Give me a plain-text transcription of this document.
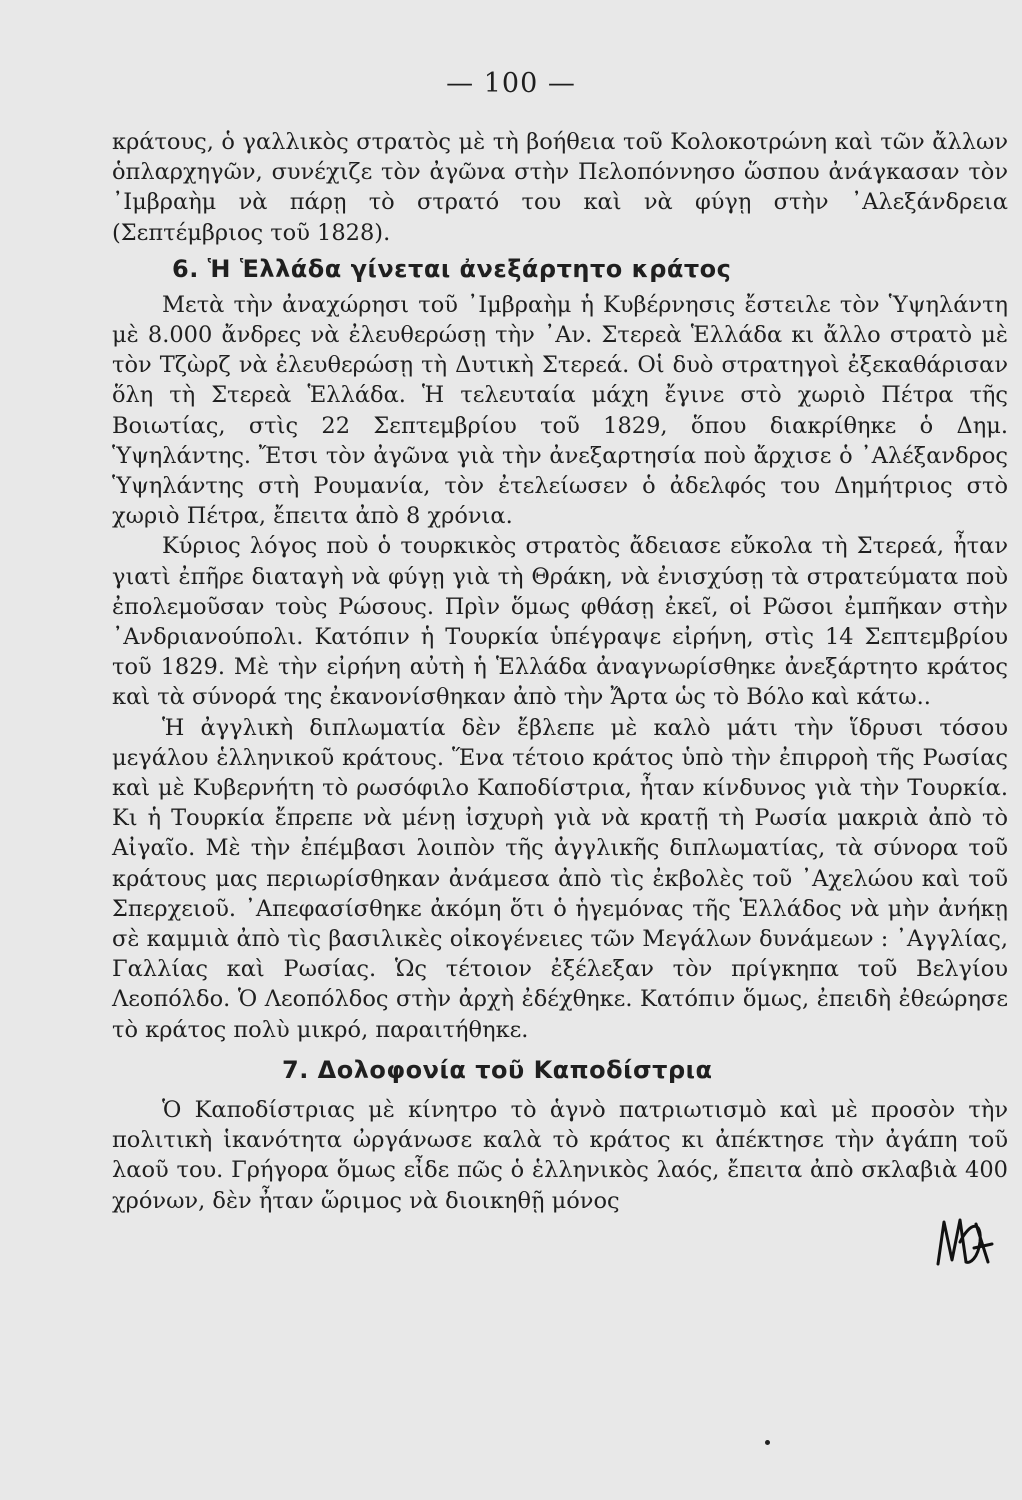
— 100 —

κράτους, ὁ γαλλικὸς στρατὸς μὲ τὴ βοήθεια τοῦ Κολοκοτρώνη καὶ τῶν ἄλλων ὁπλαρχηγῶν, συνέχιζε τὸν ἀγῶνα στὴν Πελοπόννησο ὥσπου ἀνάγκασαν τὸν ᾿Ιμβραὴμ νὰ πάρῃ τὸ στρατό του καὶ νὰ φύγῃ στὴν ᾿Αλεξάνδρεια (Σεπτέμβριος τοῦ 1828).

6. Ἡ Ἑλλάδα γίνεται ἀνεξάρτητο κράτος

Μετὰ τὴν ἀναχώρησι τοῦ ᾿Ιμβραὴμ ἡ Κυβέρνησις ἔστειλε τὸν Ὑψηλάντη μὲ 8.000 ἄνδρες νὰ ἐλευθερώσῃ τὴν ᾿Αν. Στερεὰ Ἑλλάδα κι ἄλλο στρατὸ μὲ τὸν Τζὼρζ νὰ ἐλευθερώσῃ τὴ Δυτικὴ Στερεά. Οἱ δυὸ στρατηγοὶ ἐξεκαθάρισαν ὅλη τὴ Στερεὰ Ἑλλάδα. Ἡ τελευταία μάχη ἔγινε στὸ χωριὸ Πέτρα τῆς Βοιωτίας, στὶς 22 Σεπτεμβρίου τοῦ 1829, ὅπου διακρίθηκε ὁ Δημ. Ὑψηλάντης. Ἔτσι τὸν ἀγῶνα γιὰ τὴν ἀνεξαρτησία ποὺ ἄρχισε ὁ ᾿Αλέξανδρος Ὑψηλάντης στὴ Ρουμανία, τὸν ἐτελείωσεν ὁ ἀδελφός του Δημήτριος στὸ χωριὸ Πέτρα, ἔπειτα ἀπὸ 8 χρόνια.

Κύριος λόγος ποὺ ὁ τουρκικὸς στρατὸς ἄδειασε εὔκολα τὴ Στερεά, ἦταν γιατὶ ἐπῆρε διαταγὴ νὰ φύγῃ γιὰ τὴ Θράκη, νὰ ἐνισχύσῃ τὰ στρατεύματα ποὺ ἐπολεμοῦσαν τοὺς Ρώσους. Πρὶν ὅμως φθάσῃ ἐκεῖ, οἱ Ρῶσοι ἐμπῆκαν στὴν ᾿Ανδριανούπολι. Κατόπιν ἡ Τουρκία ὑπέγραψε εἰρήνη, στὶς 14 Σεπτεμβρίου τοῦ 1829. Μὲ τὴν εἰρήνη αὐτὴ ἡ Ἑλλάδα ἀναγνωρίσθηκε ἀνεξάρτητο κράτος καὶ τὰ σύνορά της ἐκανονίσθηκαν ἀπὸ τὴν Ἄρτα ὡς τὸ Βόλο καὶ κάτω..

Ἡ ἀγγλικὴ διπλωματία δὲν ἔβλεπε μὲ καλὸ μάτι τὴν ἵδρυσι τόσου μεγάλου ἑλληνικοῦ κράτους. Ἕνα τέτοιο κράτος ὑπὸ τὴν ἐπιρροὴ τῆς Ρωσίας καὶ μὲ Κυβερνήτη τὸ ρωσόφιλο Καποδίστρια, ἦταν κίνδυνος γιὰ τὴν Τουρκία. Κι ἡ Τουρκία ἔπρεπε νὰ μένῃ ἰσχυρὴ γιὰ νὰ κρατῇ τὴ Ρωσία μακριὰ ἀπὸ τὸ Αἰγαῖο. Μὲ τὴν ἐπέμβασι λοιπὸν τῆς ἀγγλικῆς διπλωματίας, τὰ σύνορα τοῦ κράτους μας περιωρίσθηκαν ἀνάμεσα ἀπὸ τὶς ἐκβολὲς τοῦ ᾿Αχελώου καὶ τοῦ Σπερχειοῦ. ᾿Απεφασίσθηκε ἀκόμη ὅτι ὁ ἡγεμόνας τῆς Ἑλλάδος νὰ μὴν ἀνήκῃ σὲ καμμιὰ ἀπὸ τὶς βασιλικὲς οἰκογένειες τῶν Μεγάλων δυνάμεων : ᾿Αγγλίας, Γαλλίας καὶ Ρωσίας. Ὡς τέτοιον ἐξέλεξαν τὸν πρίγκηπα τοῦ Βελγίου Λεοπόλδο. Ὁ Λεοπόλδος στὴν ἀρχὴ ἐδέχθηκε. Κατόπιν ὅμως, ἐπειδὴ ἐθεώρησε τὸ κράτος πολὺ μικρό, παραιτήθηκε.

7. Δολοφονία τοῦ Καποδίστρια

Ὁ Καποδίστριας μὲ κίνητρο τὸ ἁγνὸ πατριωτισμὸ καὶ μὲ προσὸν τὴν πολιτικὴ ἱκανότητα ὠργάνωσε καλὰ τὸ κράτος κι ἀπέκτησε τὴν ἀγάπη τοῦ λαοῦ του. Γρήγορα ὅμως εἶδε πῶς ὁ ἑλληνικὸς λαός, ἔπειτα ἀπὸ σκλαβιὰ 400 χρόνων, δὲν ἦταν ὥριμος νὰ διοικηθῇ μόνος
